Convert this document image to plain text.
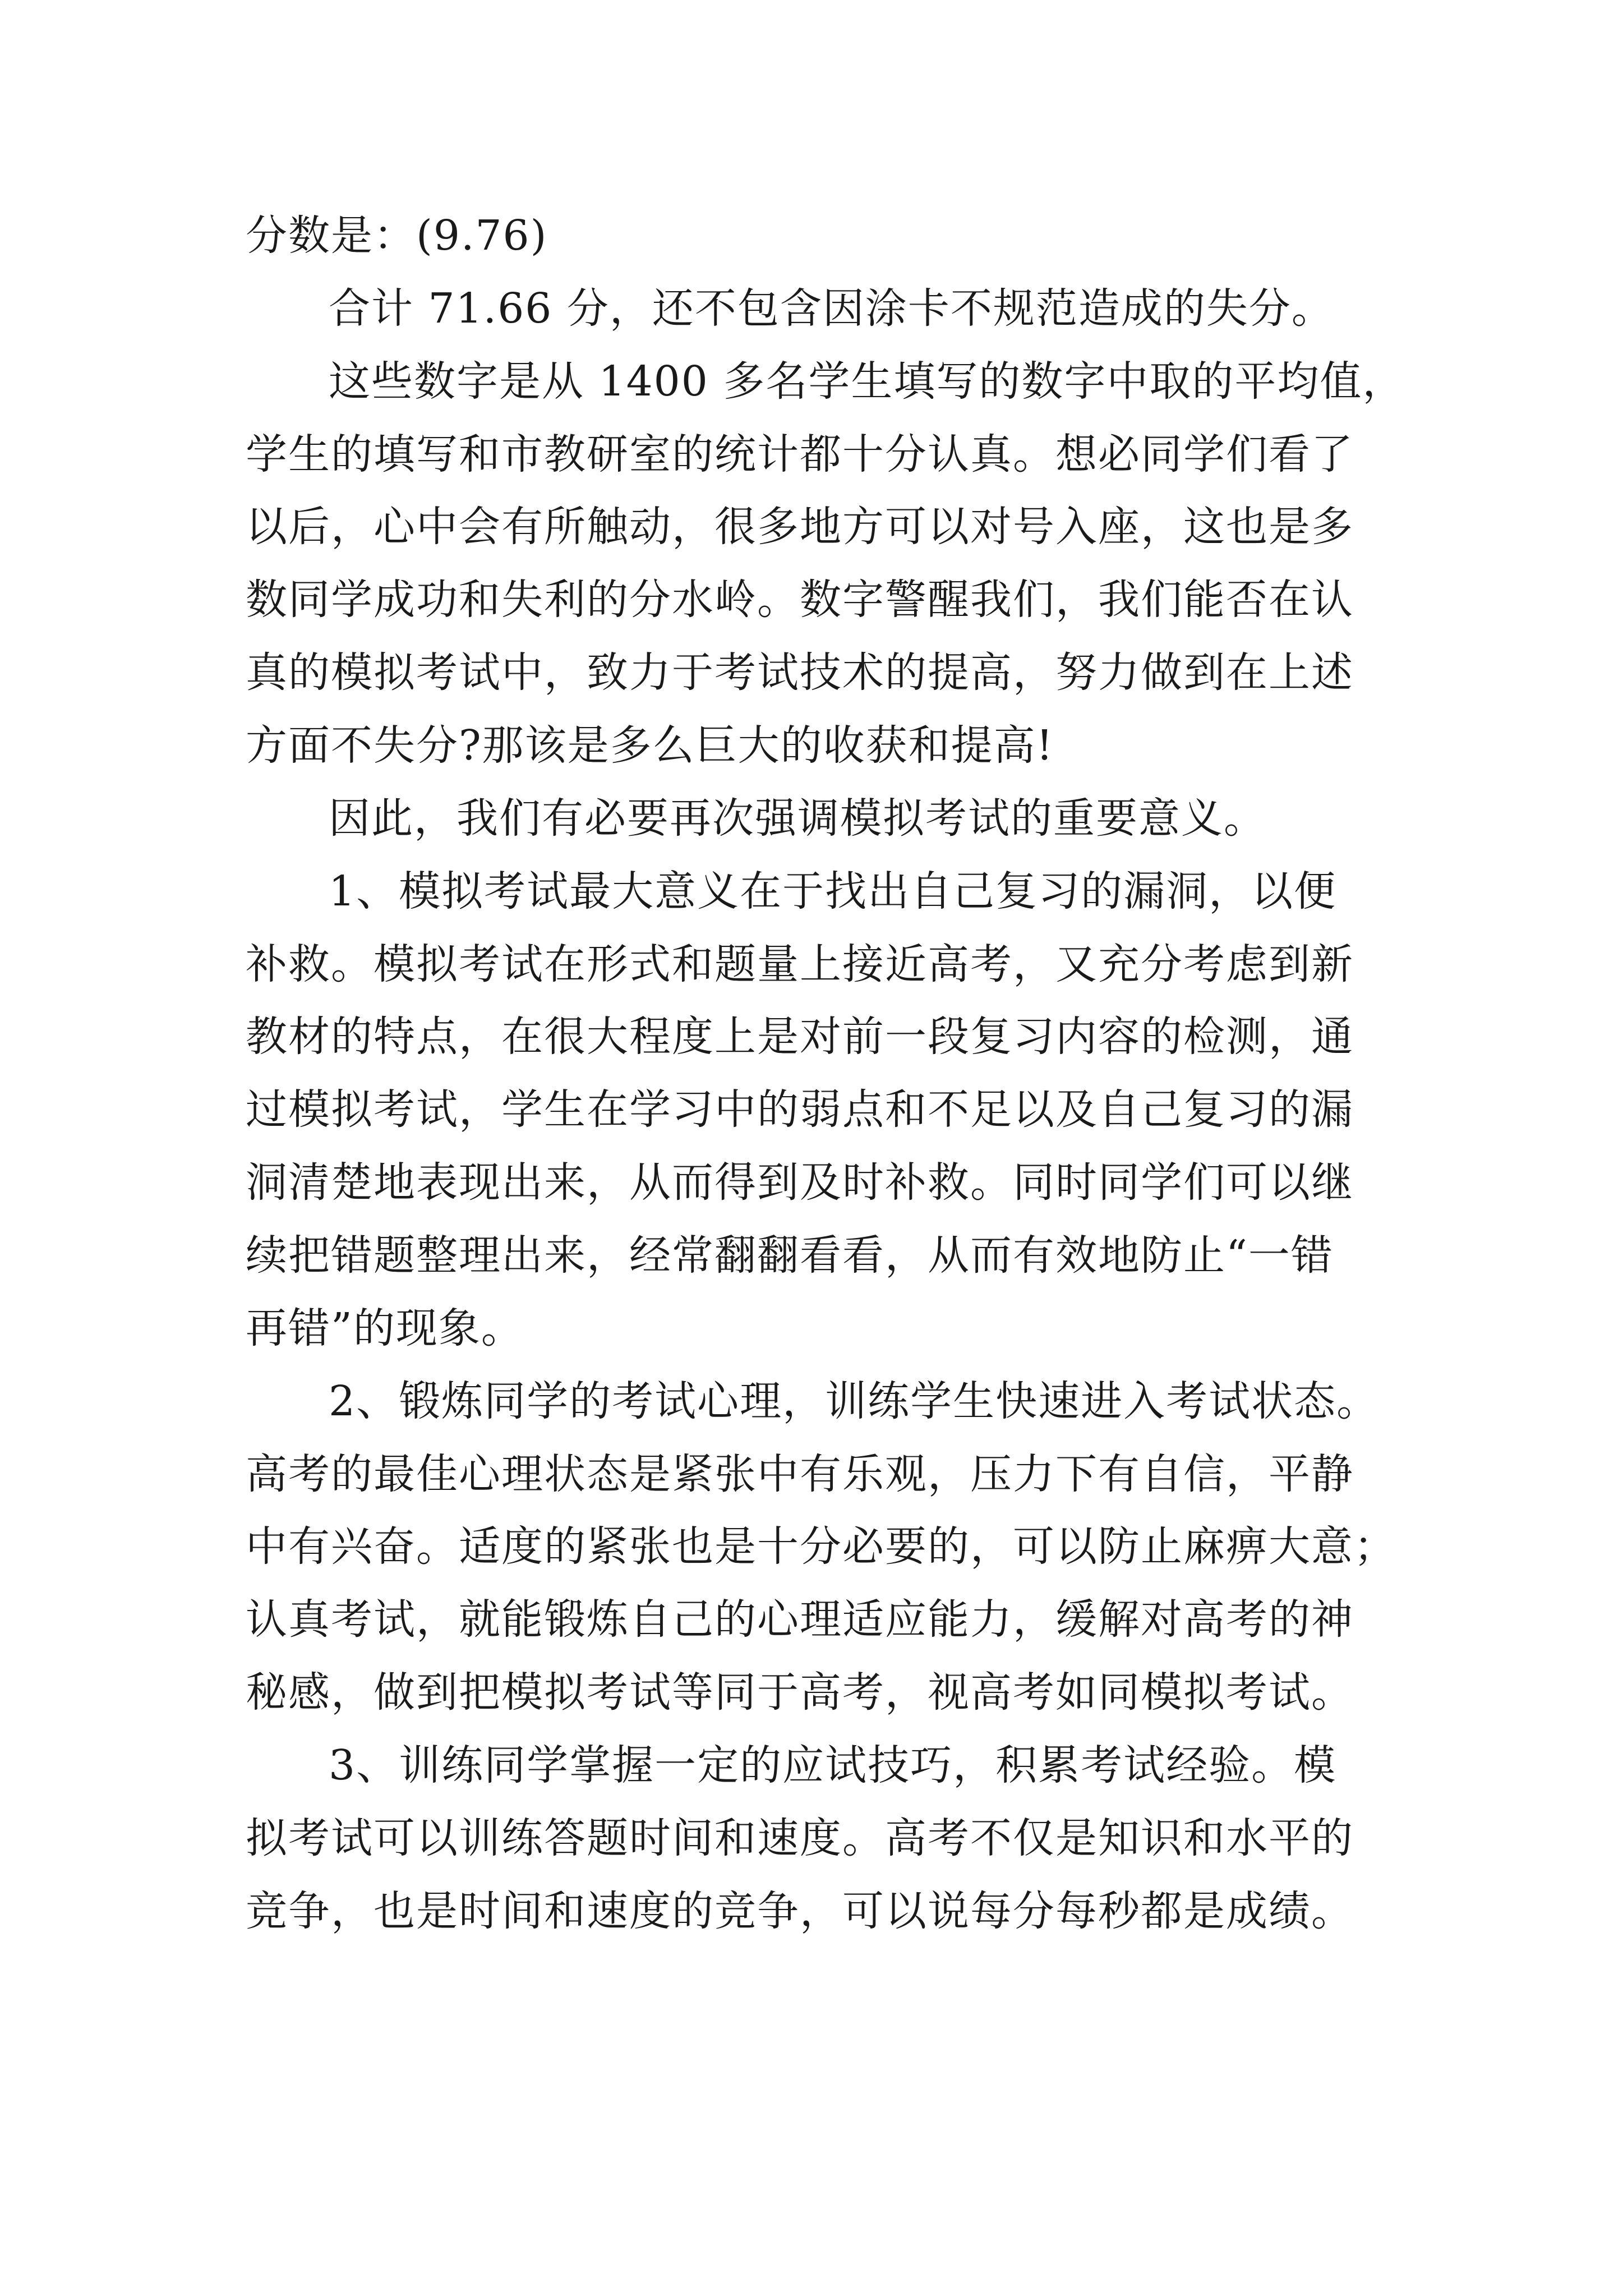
分数是：(9.76)
合计 71.66 分，还不包含因涂卡不规范造成的失分。
这些数字是从 1400 多名学生填写的数字中取的平均值，
学生的填写和市教研室的统计都十分认真。想必同学们看了
以后，心中会有所触动，很多地方可以对号入座，这也是多
数同学成功和失利的分水岭。数字警醒我们，我们能否在认
真的模拟考试中，致力于考试技术的提高，努力做到在上述
方面不失分?那该是多么巨大的收获和提高!
因此，我们有必要再次强调模拟考试的重要意义。
1、模拟考试最大意义在于找出自己复习的漏洞，以便
补救。模拟考试在形式和题量上接近高考，又充分考虑到新
教材的特点，在很大程度上是对前一段复习内容的检测，通
过模拟考试，学生在学习中的弱点和不足以及自己复习的漏
洞清楚地表现出来，从而得到及时补救。同时同学们可以继
续把错题整理出来，经常翻翻看看，从而有效地防止“一错
再错”的现象。
2、锻炼同学的考试心理，训练学生快速进入考试状态。
高考的最佳心理状态是紧张中有乐观，压力下有自信，平静
中有兴奋。适度的紧张也是十分必要的，可以防止麻痹大意；
认真考试，就能锻炼自己的心理适应能力，缓解对高考的神
秘感，做到把模拟考试等同于高考，视高考如同模拟考试。
3、训练同学掌握一定的应试技巧，积累考试经验。模
拟考试可以训练答题时间和速度。高考不仅是知识和水平的
竞争，也是时间和速度的竞争，可以说每分每秒都是成绩。
